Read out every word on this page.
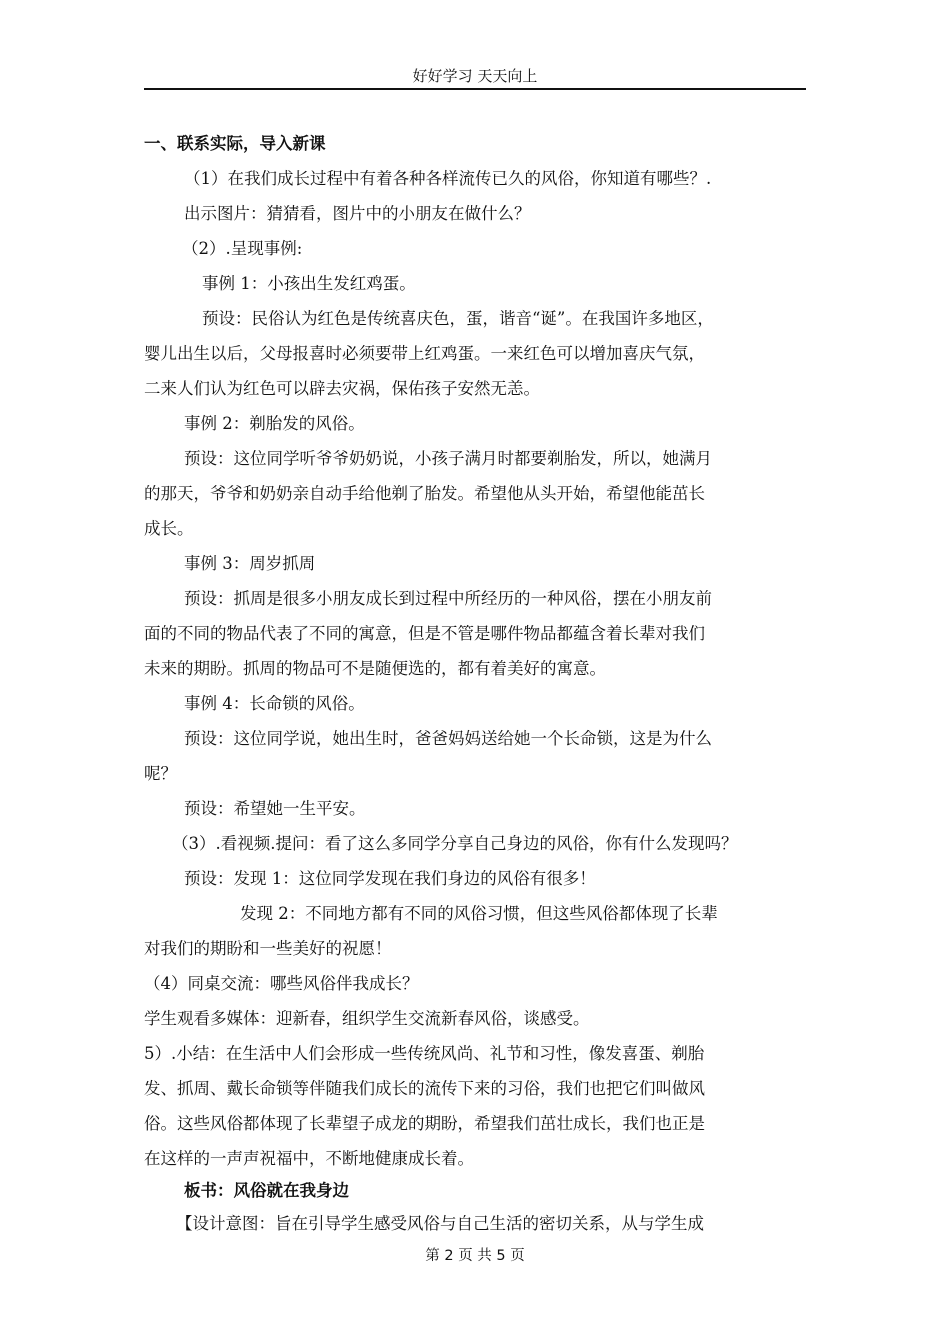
好好学习 天天向上
一、联系实际，导入新课
（1）在我们成长过程中有着各种各样流传已久的风俗，你知道有哪些？.
出示图片：猜猜看，图片中的小朋友在做什么？
（2）.呈现事例:
事例 1：小孩出生发红鸡蛋。
预设：民俗认为红色是传统喜庆色，蛋，谐音“诞”。在我国许多地区，
婴儿出生以后，父母报喜时必须要带上红鸡蛋。一来红色可以增加喜庆气氛，
二来人们认为红色可以辟去灾祸，保佑孩子安然无恙。
事例 2：剃胎发的风俗。
预设：这位同学听爷爷奶奶说，小孩子满月时都要剃胎发，所以，她满月
的那天，爷爷和奶奶亲自动手给他剃了胎发。希望他从头开始，希望他能茁长
成长。
事例 3：周岁抓周
预设：抓周是很多小朋友成长到过程中所经历的一种风俗，摆在小朋友前
面的不同的物品代表了不同的寓意，但是不管是哪件物品都蕴含着长辈对我们
未来的期盼。抓周的物品可不是随便选的，都有着美好的寓意。
事例 4：长命锁的风俗。
预设：这位同学说，她出生时，爸爸妈妈送给她一个长命锁，这是为什么
呢？
预设：希望她一生平安。
（3）.看视频.提问：看了这么多同学分享自己身边的风俗，你有什么发现吗？
预设：发现 1：这位同学发现在我们身边的风俗有很多！
发现 2：不同地方都有不同的风俗习惯，但这些风俗都体现了长辈
对我们的期盼和一些美好的祝愿！
（4）同桌交流：哪些风俗伴我成长？
学生观看多媒体：迎新春，组织学生交流新春风俗，谈感受。
5）.小结：在生活中人们会形成一些传统风尚、礼节和习性，像发喜蛋、剃胎
发、抓周、戴长命锁等伴随我们成长的流传下来的习俗，我们也把它们叫做风
俗。这些风俗都体现了长辈望子成龙的期盼，希望我们茁壮成长，我们也正是
在这样的一声声祝福中，不断地健康成长着。
板书：风俗就在我身边
【设计意图：旨在引导学生感受风俗与自己生活的密切关系，从与学生成
第 2 页 共 5 页
